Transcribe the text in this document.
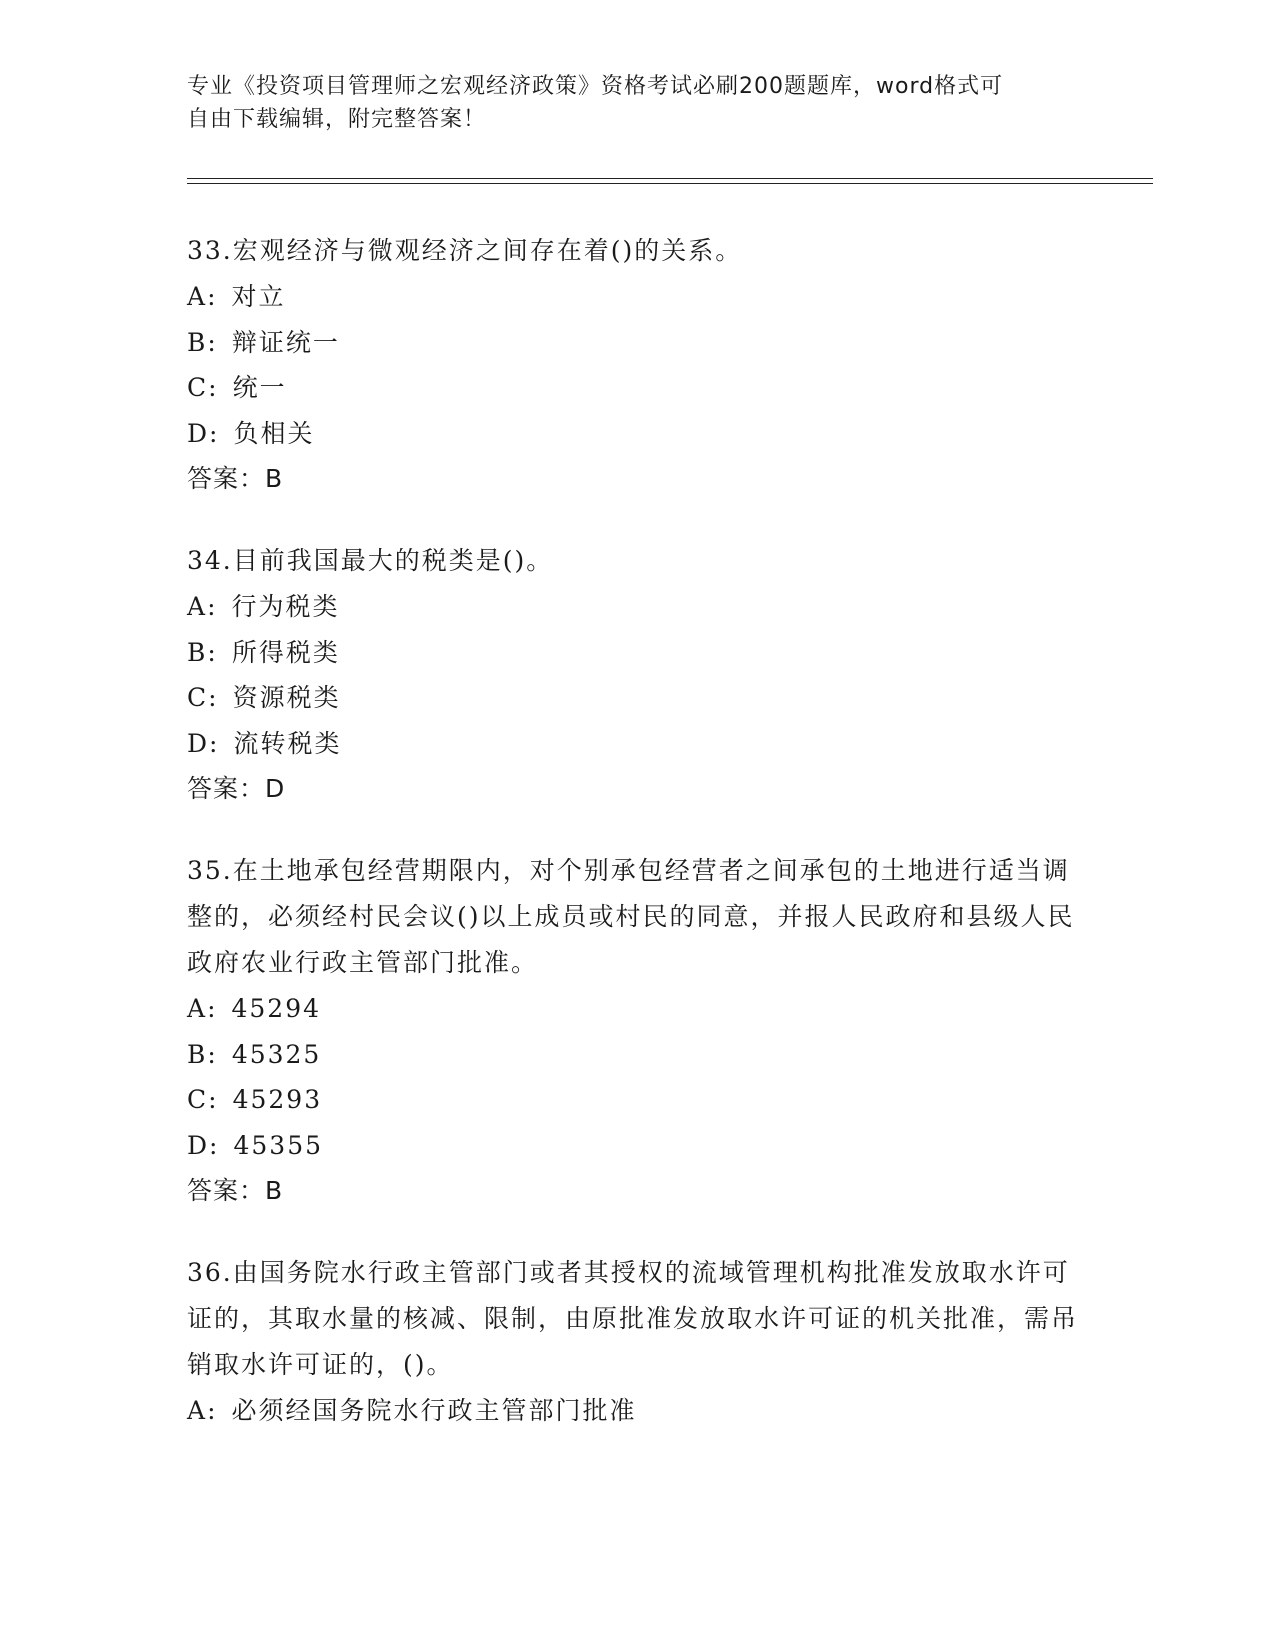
专业《投资项目管理师之宏观经济政策》资格考试必刷200题题库，word格式可
自由下载编辑，附完整答案！
33.宏观经济与微观经济之间存在着()的关系。
A: 对立
B: 辩证统一
C: 统一
D: 负相关
答案：B
34.目前我国最大的税类是()。
A: 行为税类
B: 所得税类
C: 资源税类
D: 流转税类
答案：D
35.在土地承包经营期限内，对个别承包经营者之间承包的土地进行适当调整的，必须经村民会议()以上成员或村民的同意，并报人民政府和县级人民政府农业行政主管部门批准。
A: 45294
B: 45325
C: 45293
D: 45355
答案：B
36.由国务院水行政主管部门或者其授权的流域管理机构批准发放取水许可证的，其取水量的核减、限制，由原批准发放取水许可证的机关批准，需吊销取水许可证的，()。
A: 必须经国务院水行政主管部门批准
